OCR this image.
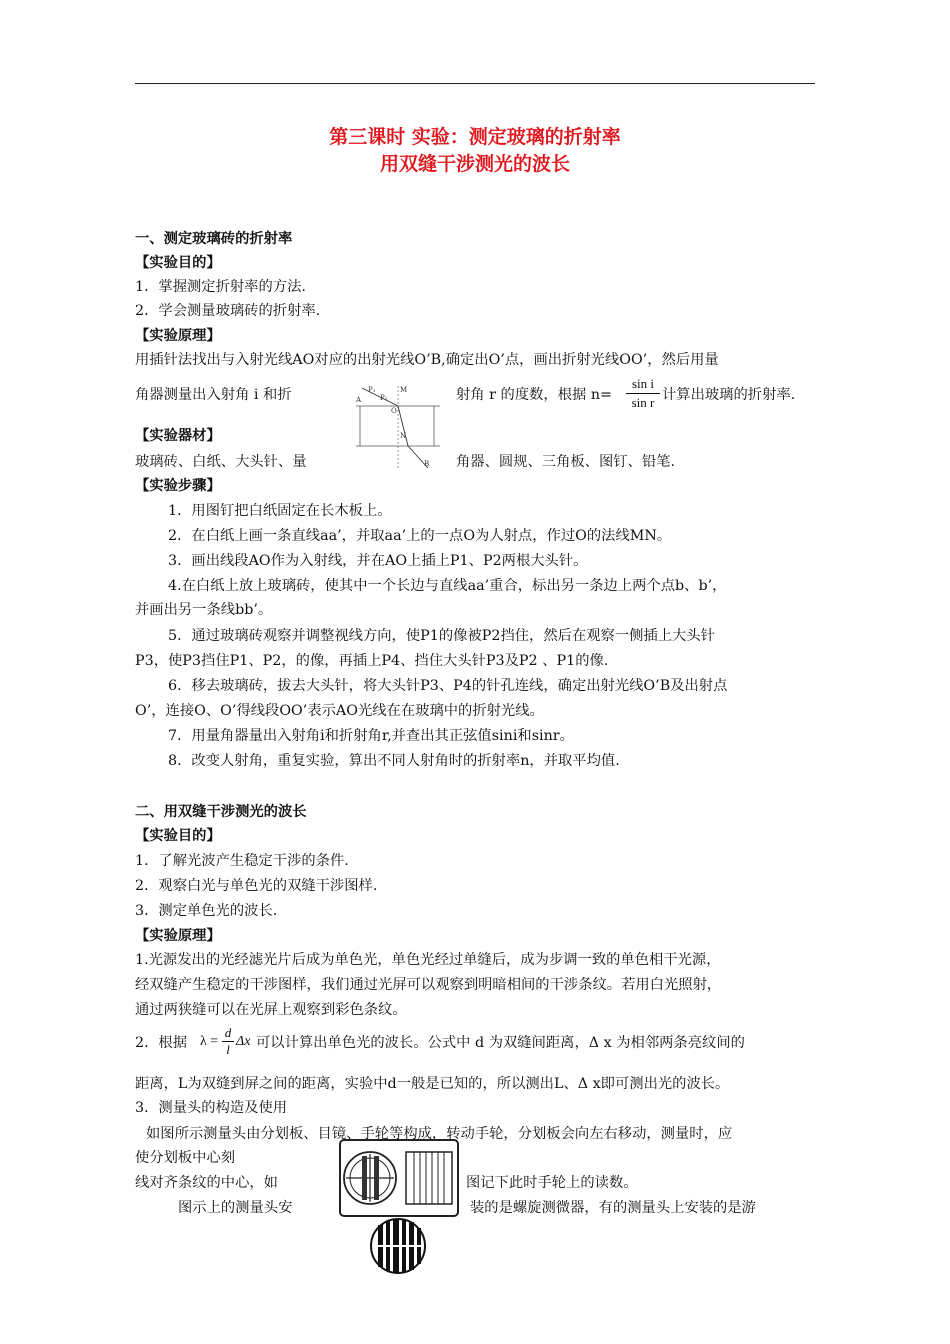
第三课时 实验：测定玻璃的折射率
用双缝干涉测光的波长
一、测定玻璃砖的折射率
【实验目的】
1．掌握测定折射率的方法.
2．学会测量玻璃砖的折射率.
【实验原理】
用插针法找出与入射光线AO对应的出射光线O’B,确定出O’点，画出折射光线OO’，然后用量
角器测量出入射角 i 和折	射角 r 的度数，根据 $n= \frac{\text{sin i}}{\text{sin r}}$ 计算出玻璃的折射率.
P₁
P₂
M
A
O
N
B
【实验器材】
玻璃砖、白纸、大头针、量	角器、圆规、三角板、图钉、铅笔.
【实验步骤】
1．用图钉把白纸固定在长木板上。
2．在白纸上画一条直线aa’，并取aa’上的一点O为人射点，作过O的法线MN。
3．画出线段AO作为入射线，并在AO上插上P1、P2两根大头针。
4.在白纸上放上玻璃砖，使其中一个长边与直线aa’重合，标出另一条边上两个点b、b’，
并画出另一条线bb’。
5．通过玻璃砖观察并调整视线方向，使P1的像被P2挡住，然后在观察一侧插上大头针
P3，使P3挡住P1、P2，的像，再插上P4、挡住大头针P3及P2 、P1的像.
6．移去玻璃砖，拔去大头针，将大头针P3、P4的针孔连线，确定出射光线O’B及出射点
O’，连接O、O’得线段OO’表示AO光线在在玻璃中的折射光线。
7．用量角器量出入射角i和折射角r,并查出其正弦值sini和sinr。
8．改变人射角，重复实验，算出不同人射角时的折射率n，并取平均值.
二、用双缝干涉测光的波长
【实验目的】
1．了解光波产生稳定干涉的条件.
2．观察白光与单色光的双缝干涉图样.
3．测定单色光的波长.
【实验原理】
1.光源发出的光经滤光片后成为单色光，单色光经过单缝后，成为步调一致的单色相干光源，
经双缝产生稳定的干涉图样，我们通过光屏可以观察到明暗相间的干涉条纹。若用白光照射，
通过两狭缝可以在光屏上观察到彩色条纹。
2．根据 $\lambda = \frac{d}{l}$ Δx 可以计算出单色光的波长。公式中 d 为双缝间距离，Δ x 为相邻两条亮纹间的
距离，L为双缝到屏之间的距离，实验中d一般是已知的，所以测出L、Δ x即可测出光的波长。
3．测量头的构造及使用
如图所示测量头由分划板、目镜、手轮等构成，转动手轮，分划板会向左右移动，测量时，应
使分划板中心刻
线对齐条纹的中心，如	图记下此时手轮上的读数。
图示上的测量头安	装的是螺旋测微器，有的测量头上安装的是游
